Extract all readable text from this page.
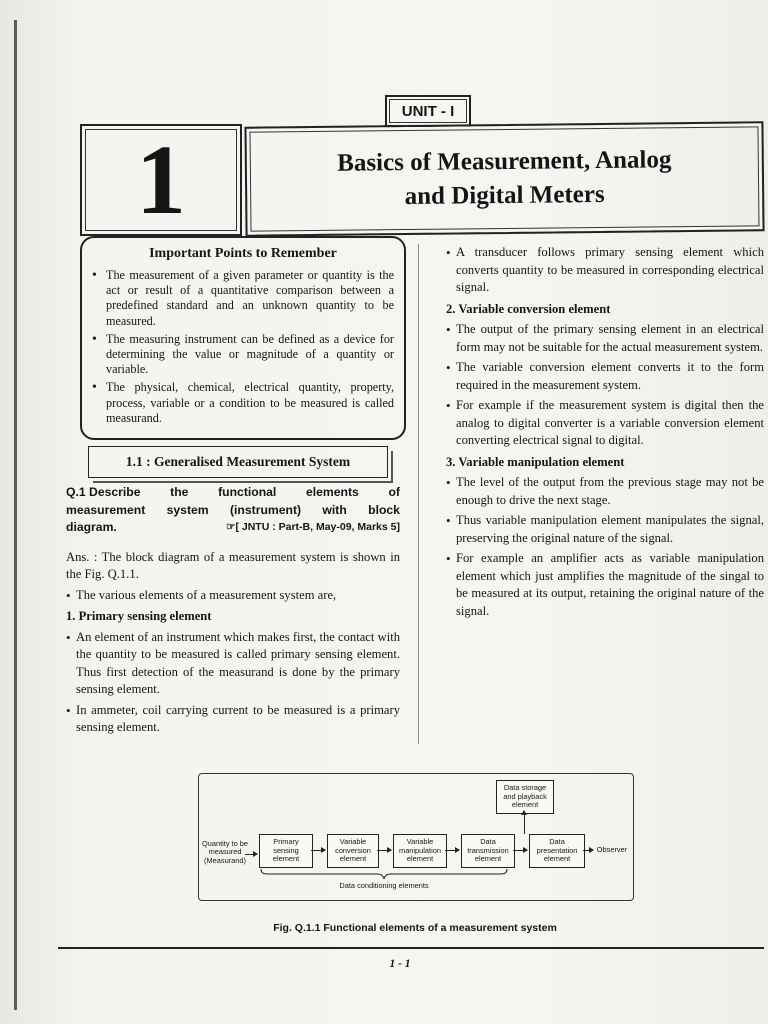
UNIT - I
1	Basics of Measurement, Analog
and Digital Meters
Important Points to Remember
• The measurement of a given parameter or quantity is the act or result of a quantitative comparison between a predefined standard and an unknown quantity to be measured.
• The measuring instrument can be defined as a device for determining the value or magnitude of a quantity or variable.
• The physical, chemical, electrical quantity, property, process, variable or a condition to be measured is called measurand.
1.1 : Generalised Measurement System
Q.1 Describe the functional elements of
measurement system (instrument) with block
diagram.	☞[ JNTU : Part-B, May-09, Marks 5]

Ans. : The block diagram of a measurement system is shown in the Fig. Q.1.1.

• The various elements of a measurement system are,

1. Primary sensing element

• An element of an instrument which makes first, the contact with the quantity to be measured is called primary sensing element. Thus first detection of the measurand is done by the primary sensing element.

• In ammeter, coil carrying current to be measured is a primary sensing element.

• A transducer follows primary sensing element which converts quantity to be measured in corresponding electrical signal.

2. Variable conversion element

• The output of the primary sensing element in an electrical form may not be suitable for the actual measurement system.

• The variable conversion element converts it to the form required in the measurement system.

• For example if the measurement system is digital then the analog to digital converter is a variable conversion element converting electrical signal to digital.

3. Variable manipulation element

• The level of the output from the previous stage may not be enough to drive the next stage.

• Thus variable manipulation element manipulates the signal, preserving the original nature of the signal.

• For example an amplifier acts as variable manipulation element which just amplifies the magnitude of the singal to be measured at its output, retaining the original nature of the signal.

Data storage and playback element
Quantity to be measured (Measurand)
Primary sensing element
Variable conversion element
Variable manipulation element
Data transmission element
Data presentation element
Observer
Data conditioning elements
Fig. Q.1.1 Functional elements of a measurement system
1 - 1
